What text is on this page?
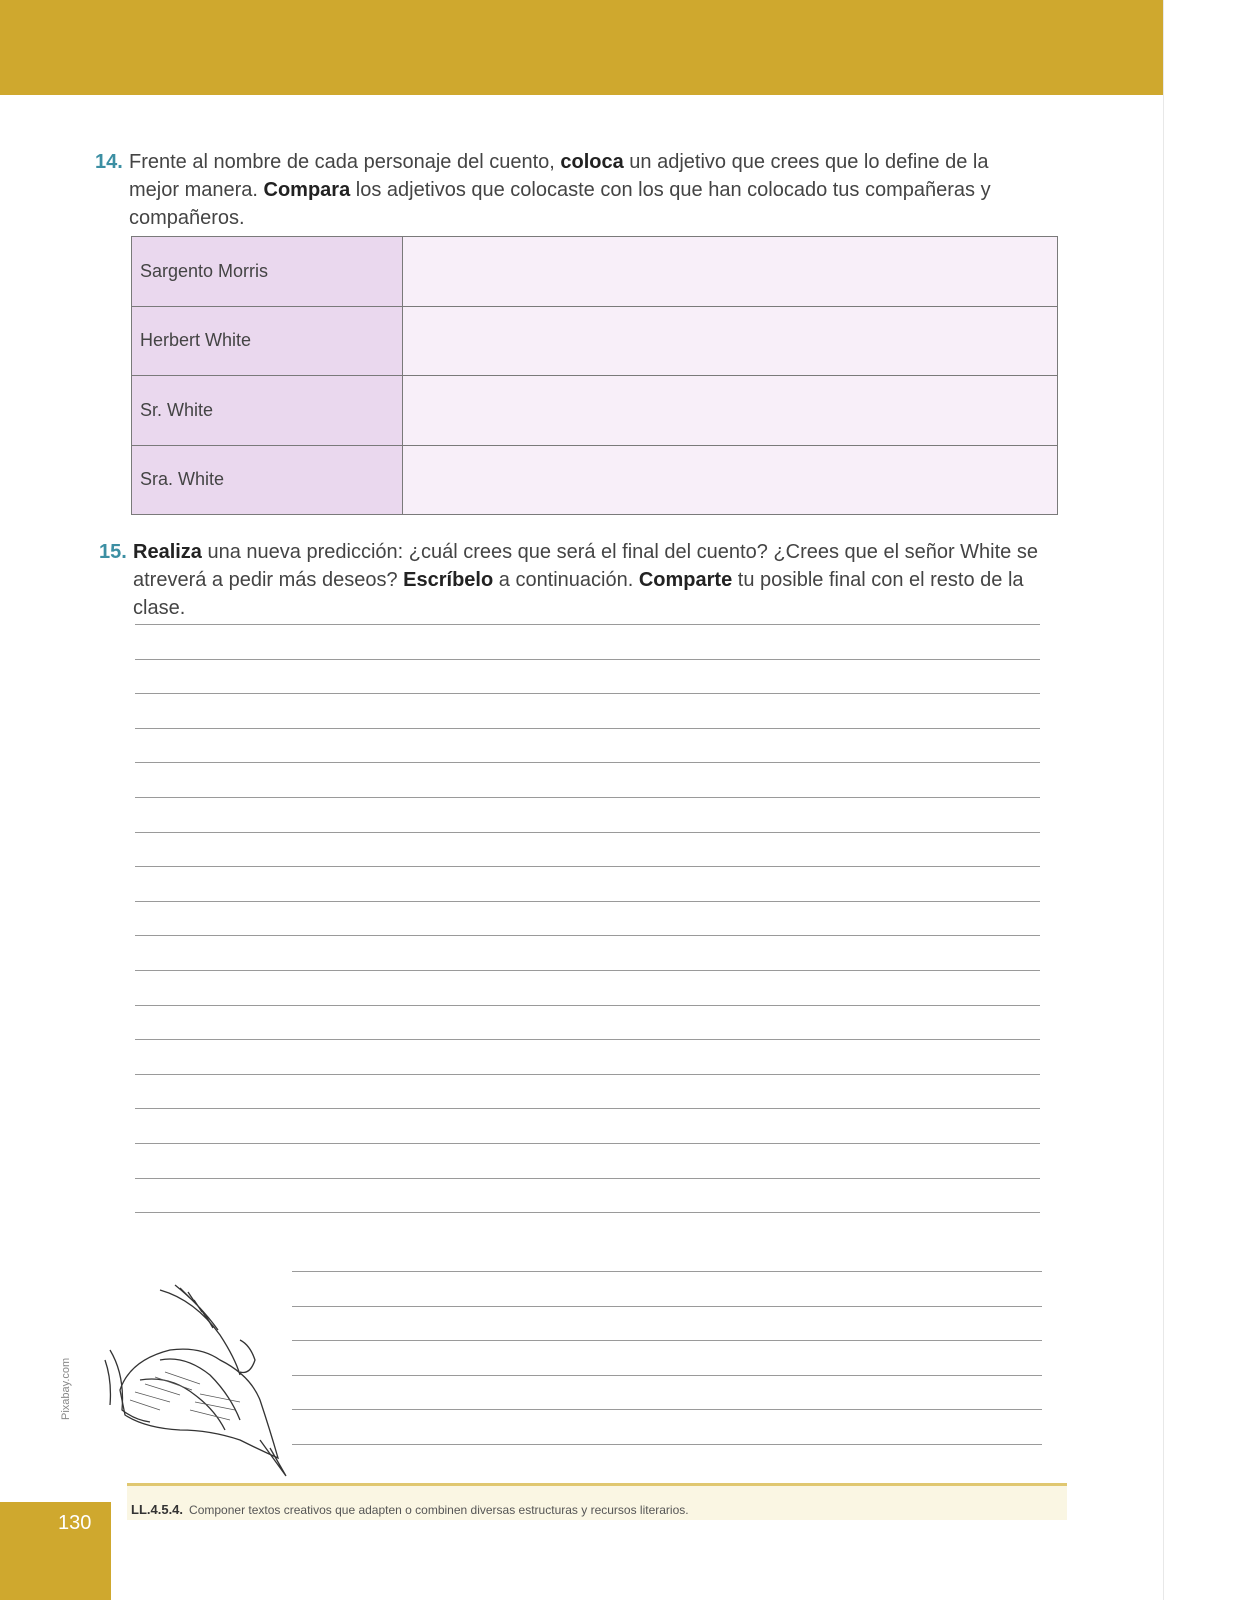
14. Frente al nombre de cada personaje del cuento, coloca un adjetivo que crees que lo define de la mejor manera. Compara los adjetivos que colocaste con los que han colocado tus compañeras y compañeros.
Sargento Morris	
Herbert White	
Sr. White	
Sra. White	
15. Realiza una nueva predicción: ¿cuál crees que será el final del cuento? ¿Crees que el señor White se atreverá a pedir más deseos? Escríbelo a continuación. Comparte tu posible final con el resto de la clase.
Pixabay.com
LL.4.5.4. Componer textos creativos que adapten o combinen diversas estructuras y recursos literarios.
130
